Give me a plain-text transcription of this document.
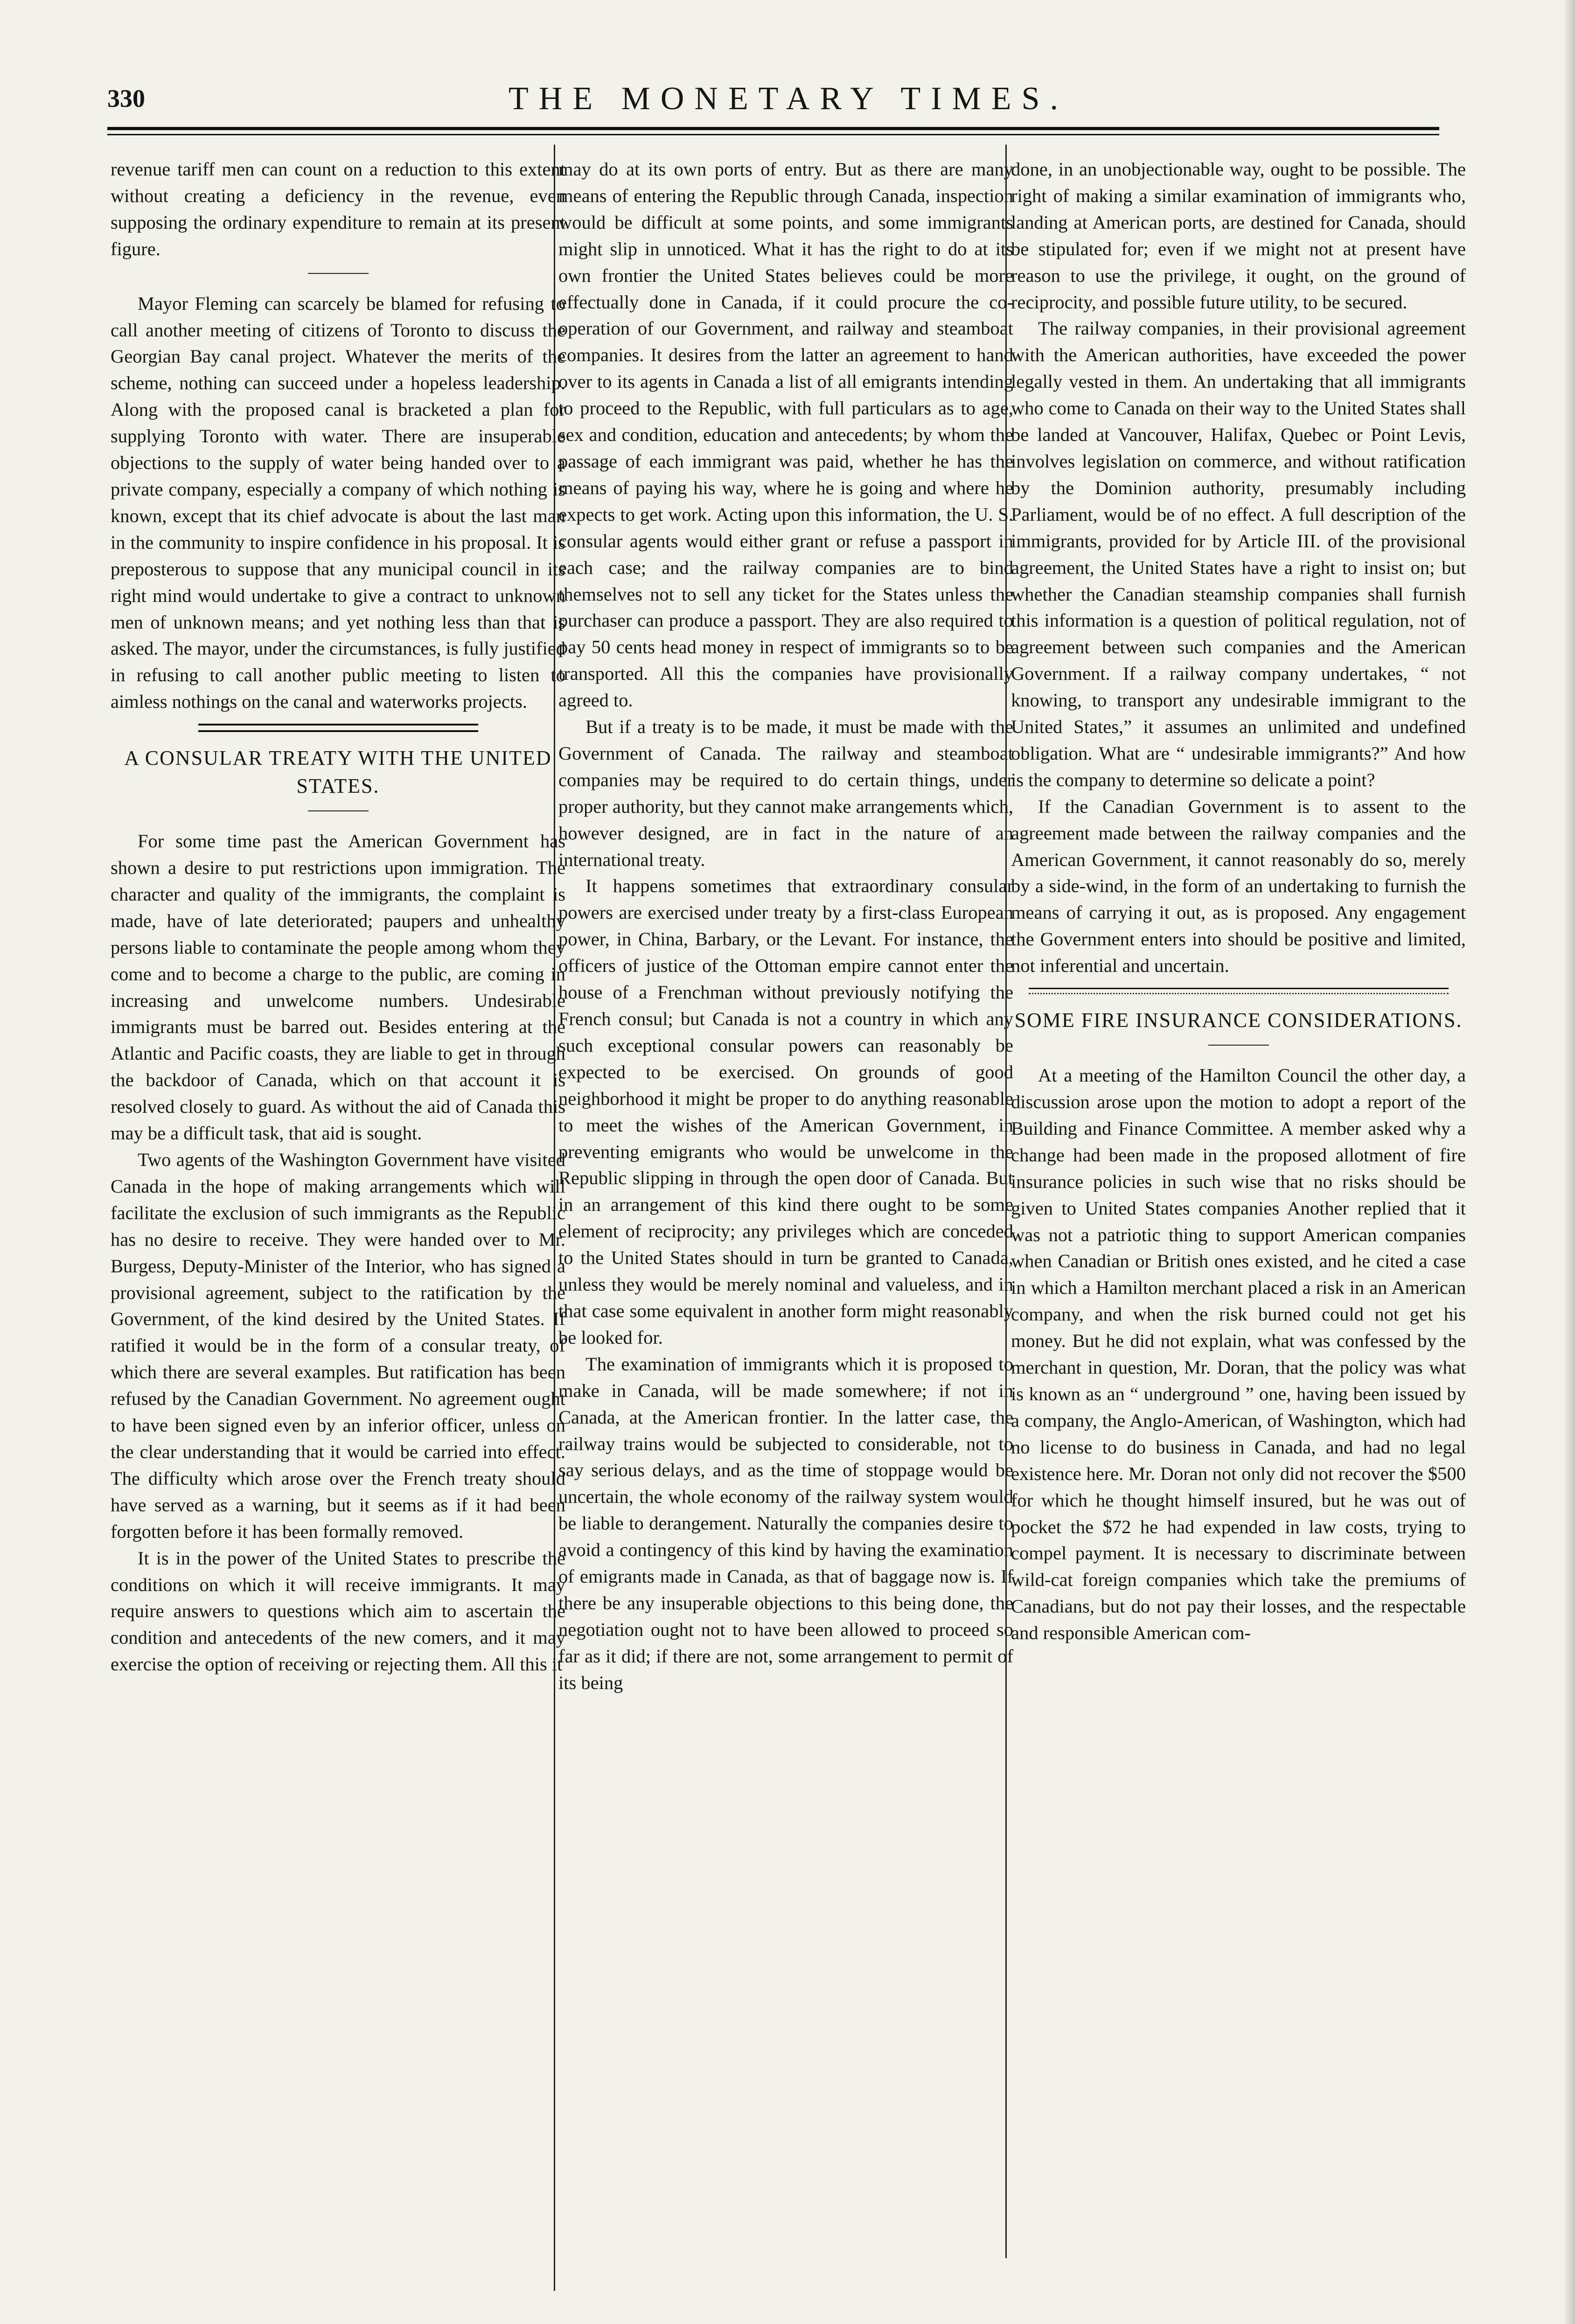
330	THE MONETARY TIMES.

revenue tariff men can count on a reduction to this extent without creating a deficiency in the revenue, even supposing the ordinary expenditure to remain at its present figure.

Mayor Fleming can scarcely be blamed for refusing to call another meeting of citizens of Toronto to discuss the Georgian Bay canal project. Whatever the merits of the scheme, nothing can succeed under a hopeless leadership. Along with the proposed canal is bracketed a plan for supplying Toronto with water. There are insuperable objections to the supply of water being handed over to a private company, especially a company of which nothing is known, except that its chief advocate is about the last man in the community to inspire confidence in his proposal. It is preposterous to suppose that any municipal council in its right mind would undertake to give a contract to unknown men of unknown means; and yet nothing less than that is asked. The mayor, under the circumstances, is fully justified in refusing to call another public meeting to listen to aimless nothings on the canal and waterworks projects.

A CONSULAR TREATY WITH THE UNITED STATES.

For some time past the American Government has shown a desire to put restrictions upon immigration. The character and quality of the immigrants, the complaint is made, have of late deteriorated; paupers and unhealthy persons liable to contaminate the people among whom they come and to become a charge to the public, are coming in increasing and unwelcome numbers. Undesirable immigrants must be barred out. Besides entering at the Atlantic and Pacific coasts, they are liable to get in through the backdoor of Canada, which on that account it is resolved closely to guard. As without the aid of Canada this may be a difficult task, that aid is sought.

Two agents of the Washington Government have visited Canada in the hope of making arrangements which will facilitate the exclusion of such immigrants as the Republic has no desire to receive. They were handed over to Mr. Burgess, Deputy-Minister of the Interior, who has signed a provisional agreement, subject to the ratification by the Government, of the kind desired by the United States. If ratified it would be in the form of a consular treaty, of which there are several examples. But ratification has been refused by the Canadian Government. No agreement ought to have been signed even by an inferior officer, unless on the clear understanding that it would be carried into effect. The difficulty which arose over the French treaty should have served as a warning, but it seems as if it had been forgotten before it has been formally removed.

It is in the power of the United States to prescribe the conditions on which it will receive immigrants. It may require answers to questions which aim to ascertain the condition and antecedents of the new comers, and it may exercise the option of receiving or rejecting them. All this it

may do at its own ports of entry. But as there are many means of entering the Republic through Canada, inspection would be difficult at some points, and some immigrants might slip in unnoticed. What it has the right to do at its own frontier the United States believes could be more effectually done in Canada, if it could procure the co-operation of our Government, and railway and steamboat companies. It desires from the latter an agreement to hand over to its agents in Canada a list of all emigrants intending to proceed to the Republic, with full particulars as to age, sex and condition, education and antecedents; by whom the passage of each immigrant was paid, whether he has the means of paying his way, where he is going and where he expects to get work. Acting upon this information, the U. S. consular agents would either grant or refuse a passport in each case; and the railway companies are to bind themselves not to sell any ticket for the States unless the purchaser can produce a passport. They are also required to pay 50 cents head money in respect of immigrants so to be transported. All this the companies have provisionally agreed to.

But if a treaty is to be made, it must be made with the Government of Canada. The railway and steamboat companies may be required to do certain things, under proper authority, but they cannot make arrangements which, however designed, are in fact in the nature of an international treaty.

It happens sometimes that extraordinary consular powers are exercised under treaty by a first-class European power, in China, Barbary, or the Levant. For instance, the officers of justice of the Ottoman empire cannot enter the house of a Frenchman without previously notifying the French consul; but Canada is not a country in which any such exceptional consular powers can reasonably be expected to be exercised. On grounds of good neighborhood it might be proper to do anything reasonable to meet the wishes of the American Government, in preventing emigrants who would be unwelcome in the Republic slipping in through the open door of Canada. But in an arrangement of this kind there ought to be some element of reciprocity; any privileges which are conceded to the United States should in turn be granted to Canada, unless they would be merely nominal and valueless, and in that case some equivalent in another form might reasonably be looked for.

The examination of immigrants which it is proposed to make in Canada, will be made somewhere; if not in Canada, at the American frontier. In the latter case, the railway trains would be subjected to considerable, not to say serious delays, and as the time of stoppage would be uncertain, the whole economy of the railway system would be liable to derangement. Naturally the companies desire to avoid a contingency of this kind by having the examination of emigrants made in Canada, as that of baggage now is. If there be any insuperable objections to this being done, the negotiation ought not to have been allowed to proceed so far as it did; if there are not, some arrangement to permit of its being

done, in an unobjectionable way, ought to be possible. The right of making a similar examination of immigrants who, landing at American ports, are destined for Canada, should be stipulated for; even if we might not at present have reason to use the privilege, it ought, on the ground of reciprocity, and possible future utility, to be secured.

The railway companies, in their provisional agreement with the American authorities, have exceeded the power legally vested in them. An undertaking that all immigrants who come to Canada on their way to the United States shall be landed at Vancouver, Halifax, Quebec or Point Levis, involves legislation on commerce, and without ratification by the Dominion authority, presumably including Parliament, would be of no effect. A full description of the immigrants, provided for by Article III. of the provisional agreement, the United States have a right to insist on; but whether the Canadian steamship companies shall furnish this information is a question of political regulation, not of agreement between such companies and the American Government. If a railway company undertakes, “ not knowing, to transport any undesirable immigrant to the United States,” it assumes an unlimited and undefined obligation. What are “ undesirable immigrants?” And how is the company to determine so delicate a point?

If the Canadian Government is to assent to the agreement made between the railway companies and the American Government, it cannot reasonably do so, merely by a side-wind, in the form of an undertaking to furnish the means of carrying it out, as is proposed. Any engagement the Government enters into should be positive and limited, not inferential and uncertain.

SOME FIRE INSURANCE CONSIDERATIONS.

At a meeting of the Hamilton Council the other day, a discussion arose upon the motion to adopt a report of the Building and Finance Committee. A member asked why a change had been made in the proposed allotment of fire insurance policies in such wise that no risks should be given to United States companies Another replied that it was not a patriotic thing to support American companies when Canadian or British ones existed, and he cited a case in which a Hamilton merchant placed a risk in an American company, and when the risk burned could not get his money. But he did not explain, what was confessed by the merchant in question, Mr. Doran, that the policy was what is known as an “ underground ” one, having been issued by a company, the Anglo-American, of Washington, which had no license to do business in Canada, and had no legal existence here. Mr. Doran not only did not recover the $500 for which he thought himself insured, but he was out of pocket the $72 he had expended in law costs, trying to compel payment. It is necessary to discriminate between wild-cat foreign companies which take the premiums of Canadians, but do not pay their losses, and the respectable and responsible American com-
